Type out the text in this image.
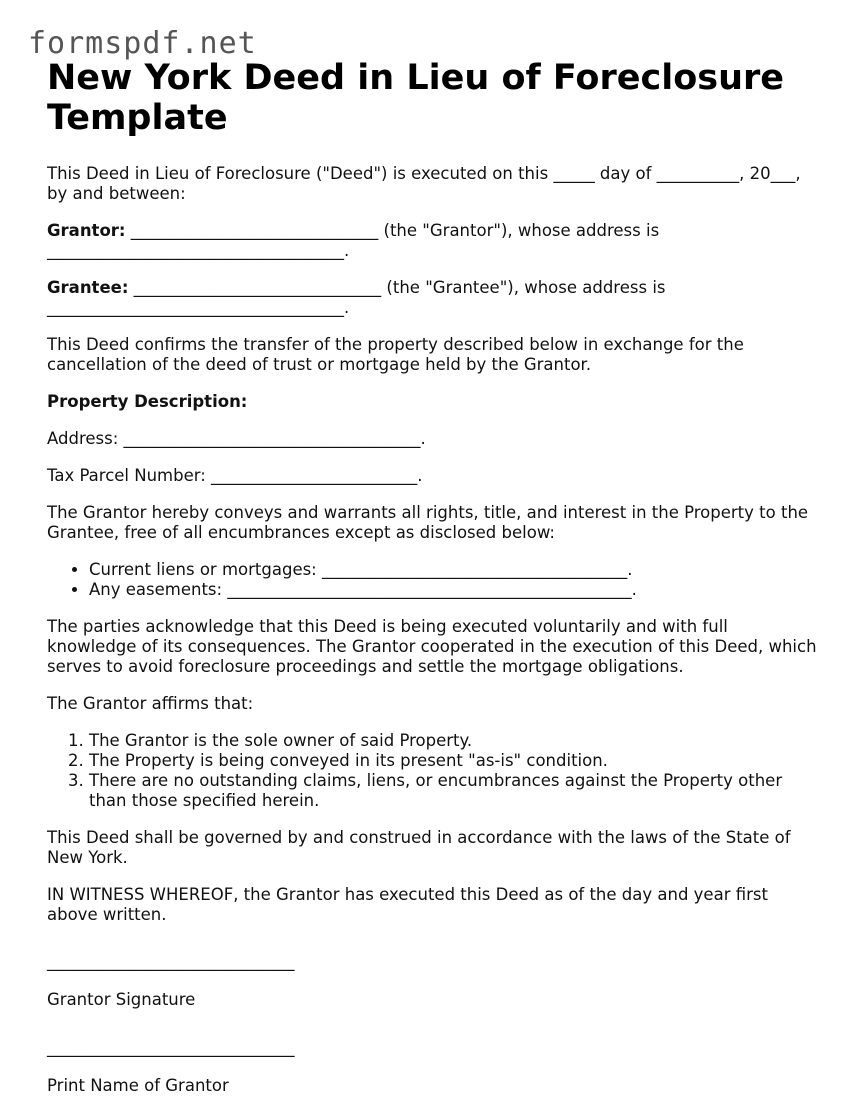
formspdf.net
New York Deed in Lieu of Foreclosure Template

This Deed in Lieu of Foreclosure ("Deed") is executed on this _____ day of __________, 20___, by and between:

Grantor: ______________________________ (the "Grantor"), whose address is ____________________________________.

Grantee: ______________________________ (the "Grantee"), whose address is ____________________________________.

This Deed confirms the transfer of the property described below in exchange for the cancellation of the deed of trust or mortgage held by the Grantor.

Property Description:

Address: ____________________________________.

Tax Parcel Number: _________________________.

The Grantor hereby conveys and warrants all rights, title, and interest in the Property to the Grantee, free of all encumbrances except as disclosed below:

• Current liens or mortgages: _____________________________________.
• Any easements: _________________________________________________.

The parties acknowledge that this Deed is being executed voluntarily and with full knowledge of its consequences. The Grantor cooperated in the execution of this Deed, which serves to avoid foreclosure proceedings and settle the mortgage obligations.

The Grantor affirms that:

1. The Grantor is the sole owner of said Property.
2. The Property is being conveyed in its present "as-is" condition.
3. There are no outstanding claims, liens, or encumbrances against the Property other than those specified herein.

This Deed shall be governed by and construed in accordance with the laws of the State of New York.

IN WITNESS WHEREOF, the Grantor has executed this Deed as of the day and year first above written.

______________________________

Grantor Signature

______________________________

Print Name of Grantor
